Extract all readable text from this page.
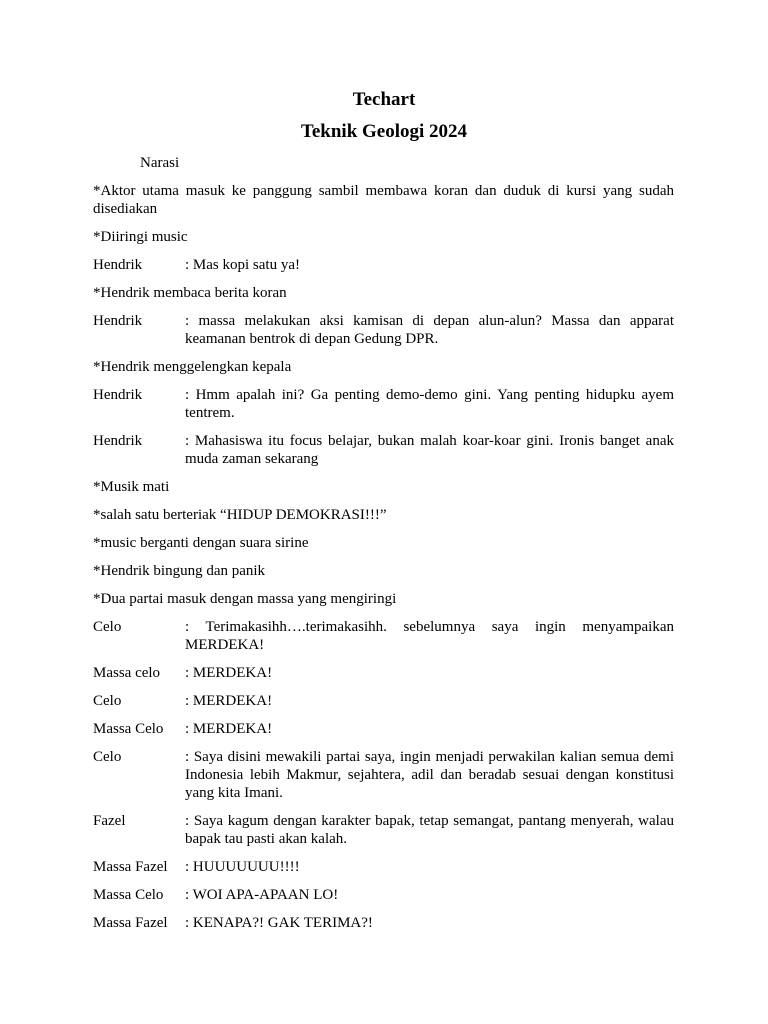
Techart
Teknik Geologi 2024

Narasi

*Aktor utama masuk ke panggung sambil membawa koran dan duduk di kursi yang sudah disediakan

*Diiringi music

Hendrik	: Mas kopi satu ya!

*Hendrik membaca berita koran

Hendrik	: massa melakukan aksi kamisan di depan alun-alun? Massa dan apparat keamanan bentrok di depan Gedung DPR.

*Hendrik menggelengkan kepala

Hendrik	: Hmm apalah ini? Ga penting demo-demo gini. Yang penting hidupku ayem tentrem.
Hendrik	: Mahasiswa itu focus belajar, bukan malah koar-koar gini. Ironis banget anak muda zaman sekarang

*Musik mati

*salah satu berteriak “HIDUP DEMOKRASI!!!”

*music berganti dengan suara sirine

*Hendrik bingung dan panik

*Dua partai masuk dengan massa yang mengiringi

Celo	: Terimakasihh….terimakasihh. sebelumnya saya ingin menyampaikan MERDEKA!
Massa celo	: MERDEKA!
Celo	: MERDEKA!
Massa Celo	: MERDEKA!
Celo	: Saya disini mewakili partai saya, ingin menjadi perwakilan kalian semua demi Indonesia lebih Makmur, sejahtera, adil dan beradab sesuai dengan konstitusi yang kita Imani.
Fazel	: Saya kagum dengan karakter bapak, tetap semangat, pantang menyerah, walau bapak tau pasti akan kalah.
Massa Fazel	: HUUUUUUU!!!!
Massa Celo	: WOI APA-APAAN LO!
Massa Fazel	: KENAPA?! GAK TERIMA?!
